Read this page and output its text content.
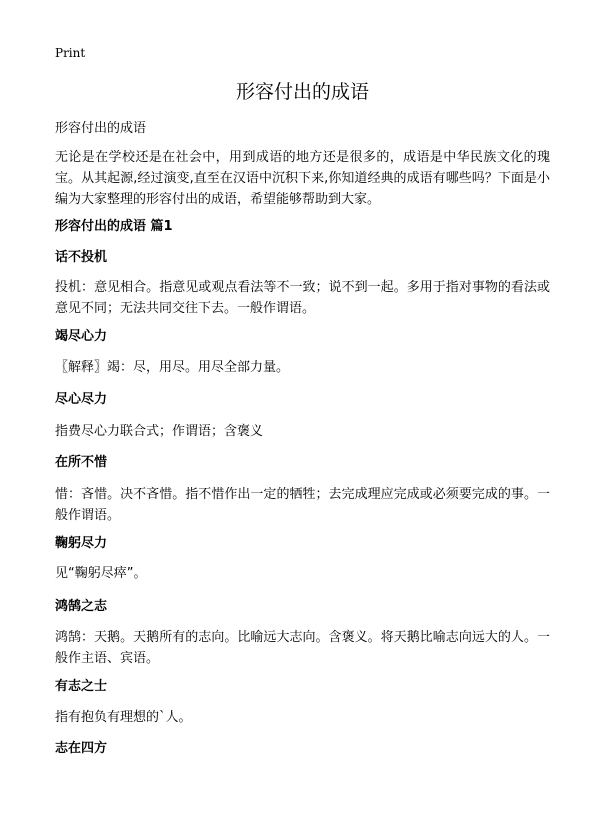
Print
形容付出的成语

形容付出的成语

无论是在学校还是在社会中，用到成语的地方还是很多的，成语是中华民族文化的瑰宝。从其起源,经过演变,直至在汉语中沉积下来,你知道经典的成语有哪些吗？下面是小编为大家整理的形容付出的成语，希望能够帮助到大家。

形容付出的成语 篇1

话不投机

投机：意见相合。指意见或观点看法等不一致；说不到一起。多用于指对事物的看法或意见不同；无法共同交往下去。一般作谓语。

竭尽心力

〖解释〗竭：尽，用尽。用尽全部力量。

尽心尽力

指费尽心力联合式；作谓语；含褒义

在所不惜

惜：吝惜。决不吝惜。指不惜作出一定的牺牲；去完成理应完成或必须要完成的事。一般作谓语。

鞠躬尽力

见“鞠躬尽瘁”。

鸿鹄之志

鸿鹄：天鹅。天鹅所有的志向。比喻远大志向。含褒义。将天鹅比喻志向远大的人。一般作主语、宾语。

有志之士

指有抱负有理想的`人。

志在四方
